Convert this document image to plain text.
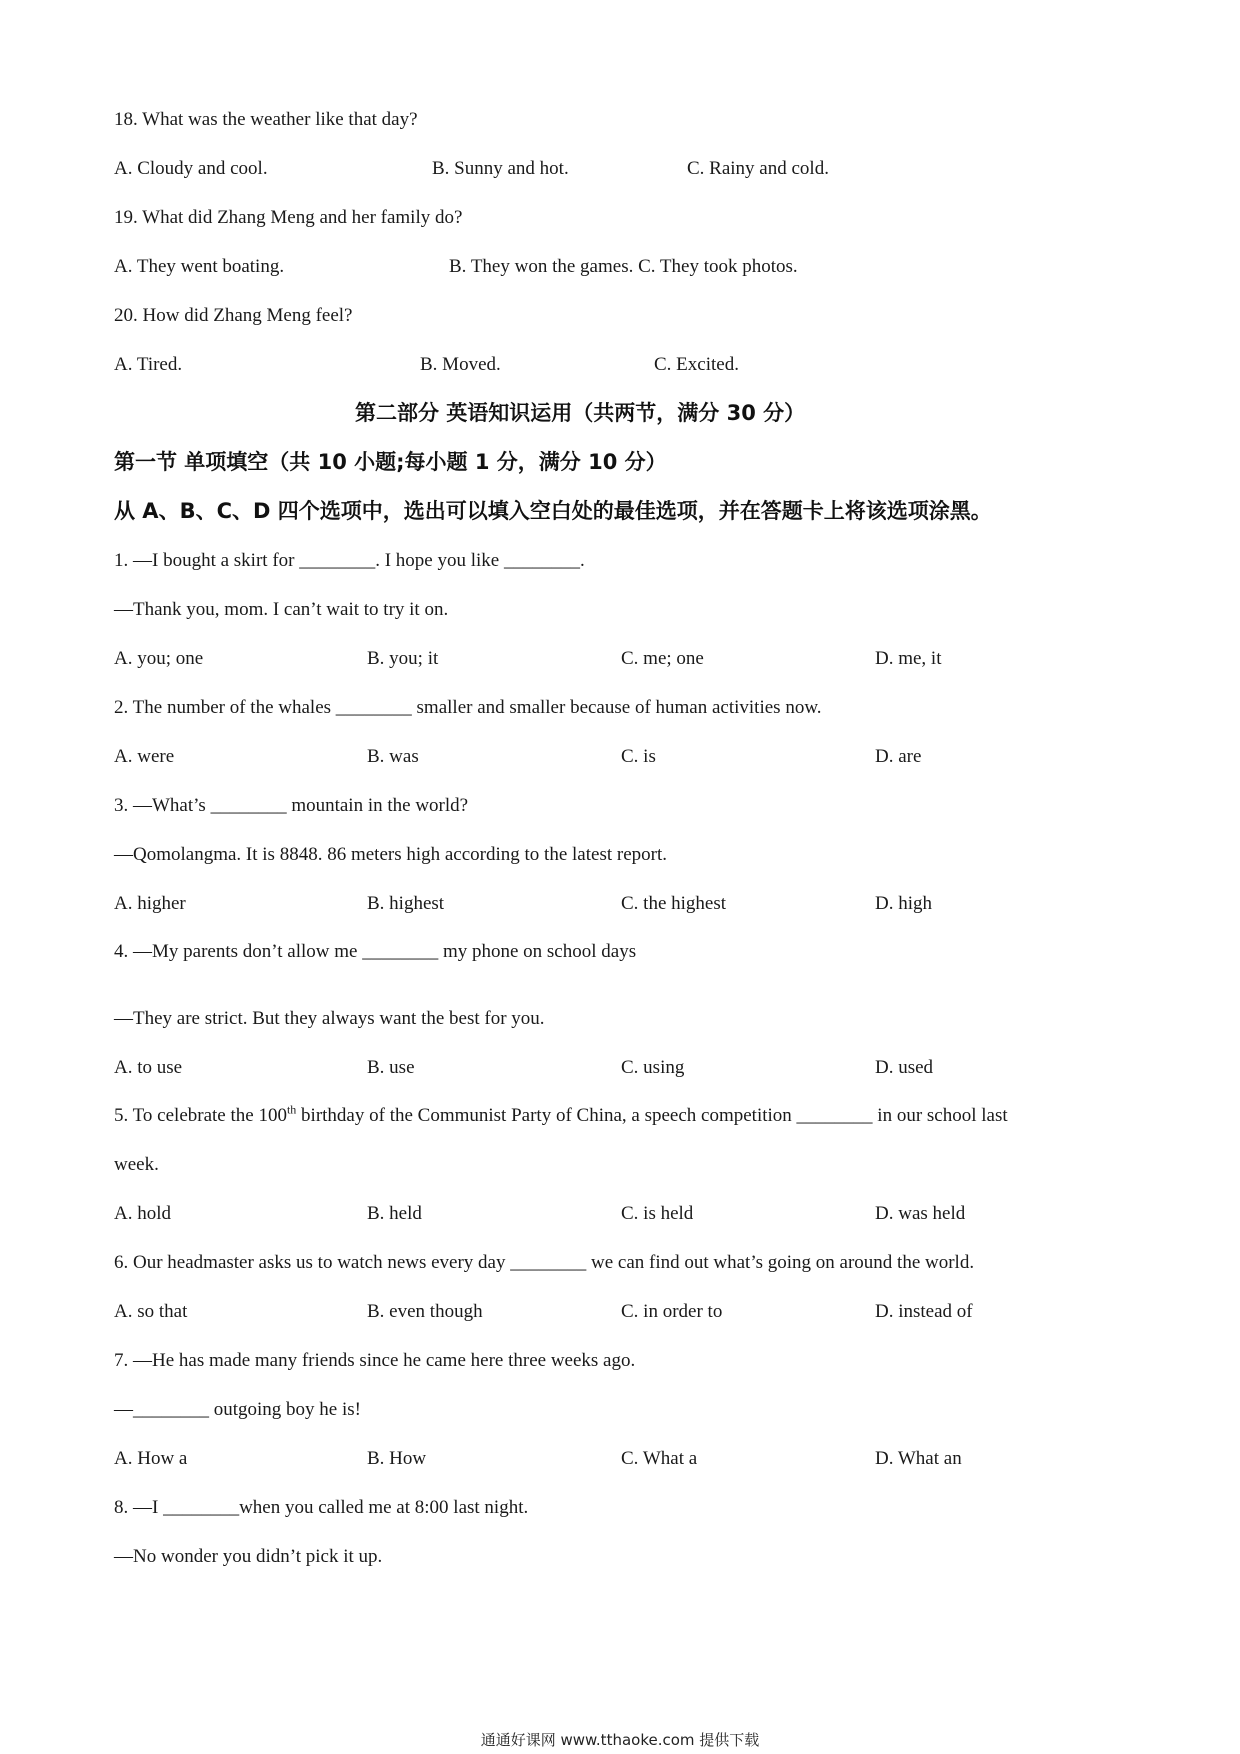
18. What was the weather like that day?
A. Cloudy and cool.	B. Sunny and hot.	C. Rainy and cold.
19. What did Zhang Meng and her family do?
A. They went boating.	B. They won the games. C. They took photos.
20. How did Zhang Meng feel?
A. Tired.	B. Moved.	C. Excited.
第二部分 英语知识运用（共两节，满分 30 分）
第一节 单项填空（共 10 小题;每小题 1 分，满分 10 分）
从 A、B、C、D 四个选项中，选出可以填入空白处的最佳选项，并在答题卡上将该选项涂黑。
1. —I bought a skirt for ________. I hope you like ________.
—Thank you, mom. I can’t wait to try it on.
A. you; one	B. you; it	C. me; one	D. me, it
2. The number of the whales ________ smaller and smaller because of human activities now.
A. were	B. was	C. is	D. are
3. —What’s ________ mountain in the world?
—Qomolangma. It is 8848. 86 meters high according to the latest report.
A. higher	B. highest	C. the highest	D. high
4. —My parents don’t allow me ________ my phone on school days
—They are strict. But they always want the best for you.
A. to use	B. use	C. using	D. used
5. To celebrate the 100th birthday of the Communist Party of China, a speech competition ________ in our school last
week.
A. hold	B. held	C. is held	D. was held
6. Our headmaster asks us to watch news every day ________ we can find out what’s going on around the world.
A. so that	B. even though	C. in order to	D. instead of
7. —He has made many friends since he came here three weeks ago.
—________ outgoing boy he is!
A. How a	B. How	C. What a	D. What an
8. —I ________when you called me at 8:00 last night.
—No wonder you didn’t pick it up.
通通好课网 www.tthaoke.com 提供下载
